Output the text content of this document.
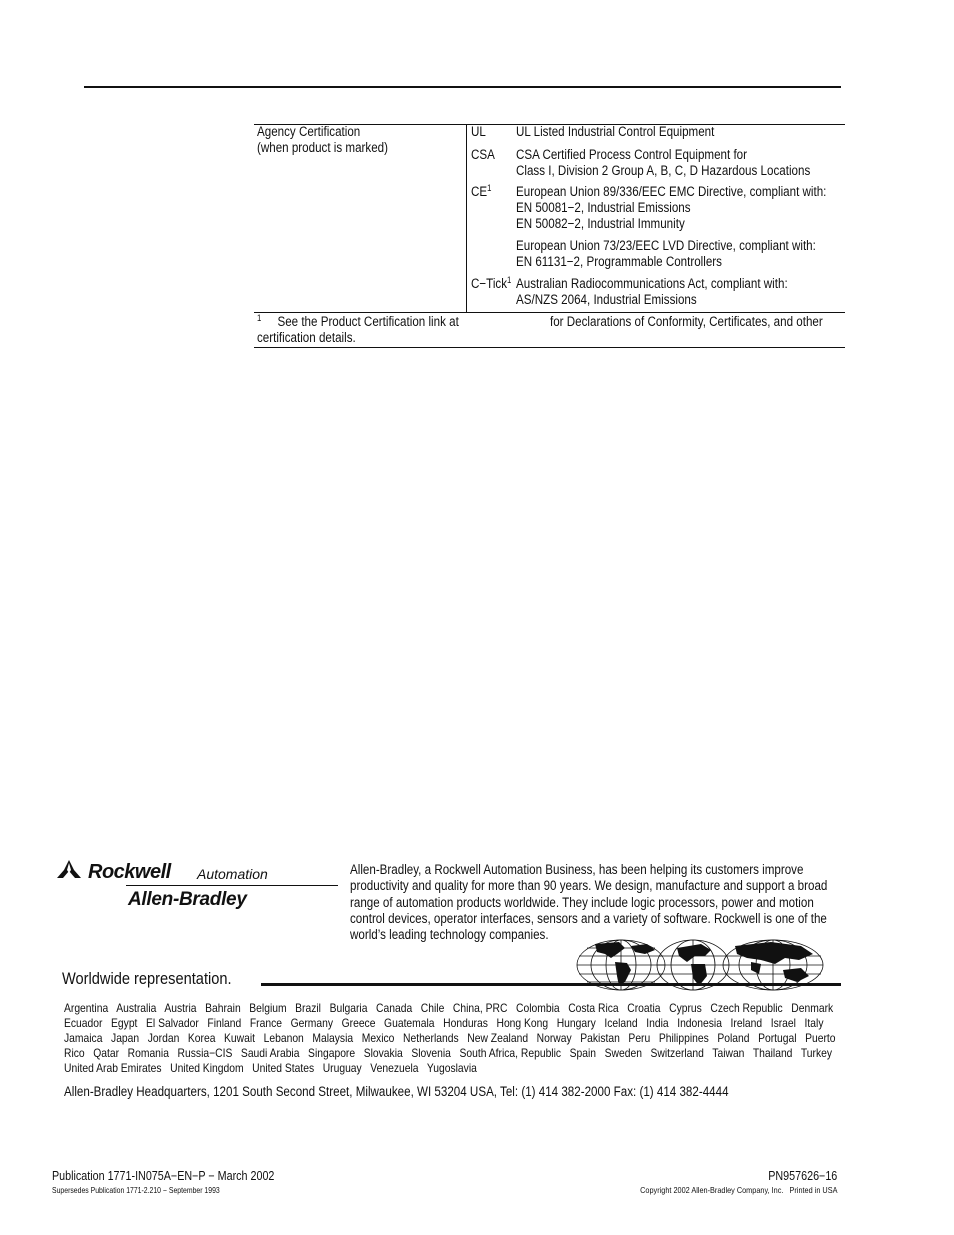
Agency Certification
(when product is marked)
UL UL Listed Industrial Control Equipment
CSA CSA Certified Process Control Equipment for
Class I, Division 2 Group A, B, C, D Hazardous Locations
$CE^1$ European Union 89/336/EEC EMC Directive, compliant with:
EN 50081−2, Industrial Emissions
EN 50082−2, Industrial Immunity
European Union 73/23/EEC LVD Directive, compliant with:
EN 61131−2, Programmable Controllers
C−Tick$^1$ Australian Radiocommunications Act, compliant with:
AS/NZS 2064, Industrial Emissions
$^1$ See the Product Certification link at	for Declarations of Conformity, Certificates, and other
certification details.
Rockwell Automation
Allen-Bradley
Allen-Bradley, a Rockwell Automation Business, has been helping its customers improve
productivity and quality for more than 90 years. We design, manufacture and support a broad
range of automation products worldwide. They include logic processors, power and motion
control devices, operator interfaces, sensors and a variety of software. Rockwell is one of the
world’s leading technology companies.
Worldwide representation.
Argentina   Australia   Austria   Bahrain   Belgium   Brazil   Bulgaria   Canada   Chile   China, PRC   Colombia   Costa Rica   Croatia   Cyprus   Czech Republic   Denmark
Ecuador   Egypt   El Salvador   Finland   France   Germany   Greece   Guatemala   Honduras   Hong Kong   Hungary   Iceland   India   Indonesia   Ireland   Israel   Italy
Jamaica   Japan   Jordan   Korea   Kuwait   Lebanon   Malaysia   Mexico   Netherlands   New Zealand   Norway   Pakistan   Peru   Philippines   Poland   Portugal   Puerto
Rico   Qatar   Romania   Russia−CIS   Saudi Arabia   Singapore   Slovakia   Slovenia   South Africa, Republic   Spain   Sweden   Switzerland   Taiwan   Thailand   Turkey
United Arab Emirates   United Kingdom   United States   Uruguay   Venezuela   Yugoslavia
Allen-Bradley Headquarters, 1201 South Second Street, Milwaukee, WI 53204 USA, Tel: (1) 414 382-2000 Fax: (1) 414 382-4444
Publication 1771-IN075A−EN−P − March 2002
Supersedes Publication 1771-2.210 − September 1993
PN957626−16
Copyright 2002 Allen-Bradley Company, Inc.   Printed in USA
